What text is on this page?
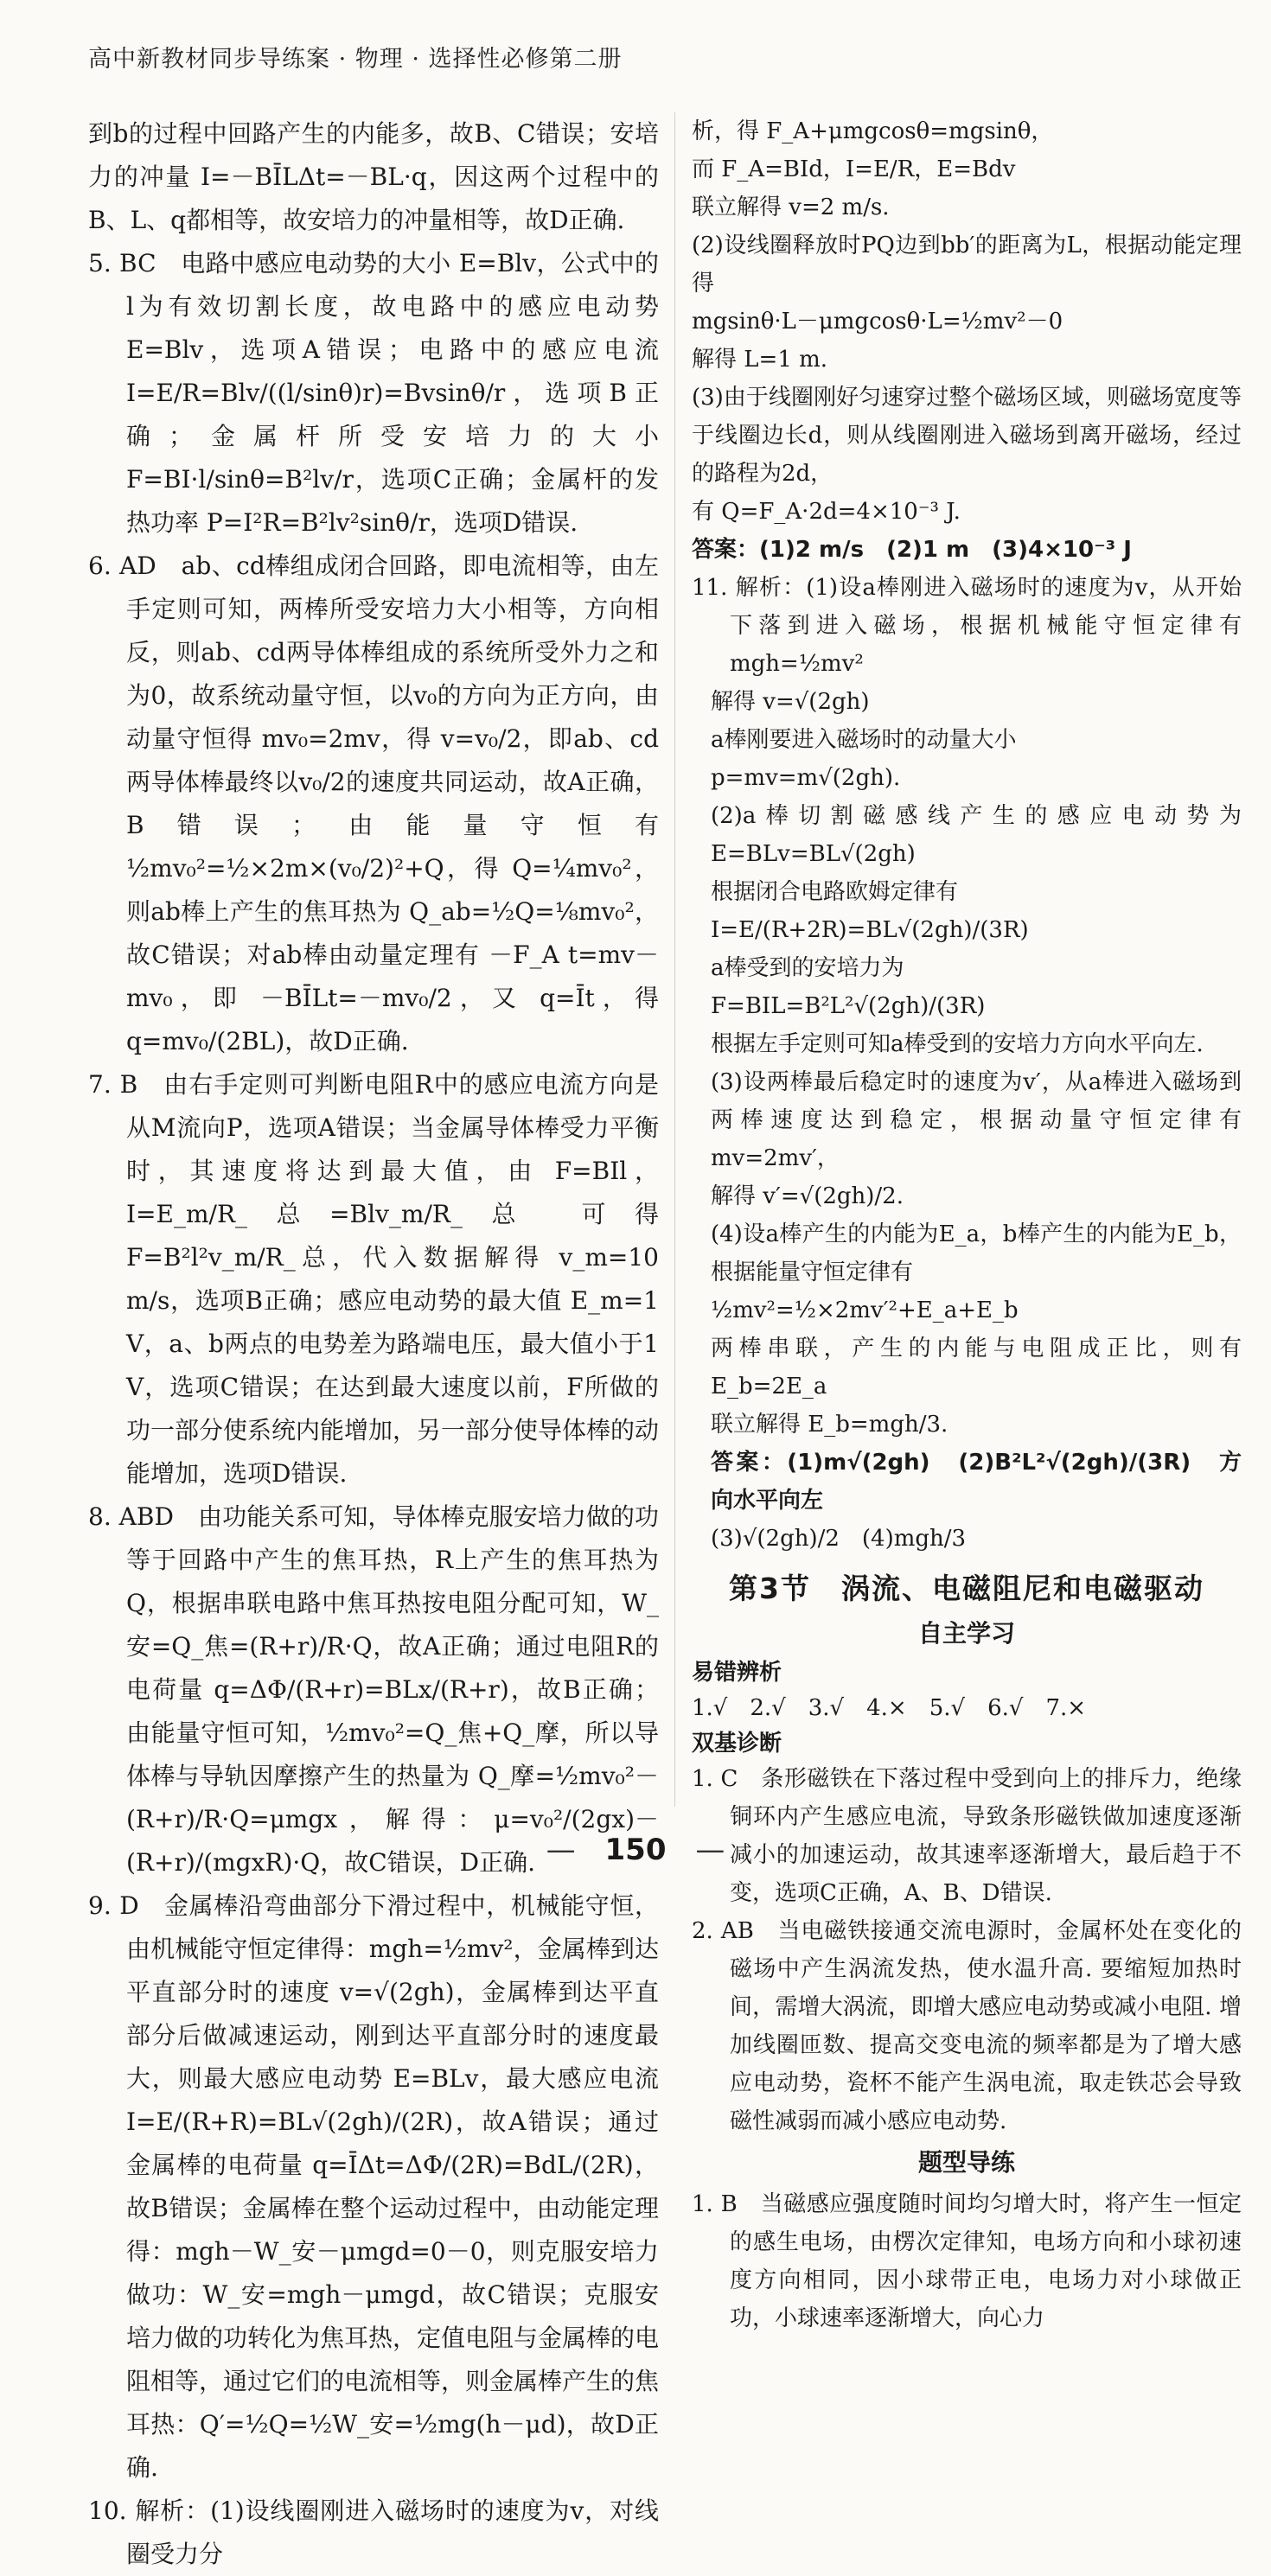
高中新教材同步导练案 · 物理 · 选择性必修第二册

到b的过程中回路产生的内能多，故B、C错误；安培力的冲量 I=－BĪLΔt=－BL·q，因这两个过程中的B、L、q都相等，故安培力的冲量相等，故D正确.

5. BC　电路中感应电动势的大小 E=Blv，公式中的l为有效切割长度，故电路中的感应电动势 E=Blv，选项A错误；电路中的感应电流 I=E/R=Blv/((l/sinθ)r)=Bvsinθ/r，选项B正确；金属杆所受安培力的大小 F=BI·l/sinθ=B²lv/r，选项C正确；金属杆的发热功率 P=I²R=B²lv²sinθ/r，选项D错误.

6. AD　ab、cd棒组成闭合回路，即电流相等，由左手定则可知，两棒所受安培力大小相等，方向相反，则ab、cd两导体棒组成的系统所受外力之和为0，故系统动量守恒，以v₀的方向为正方向，由动量守恒得 mv₀=2mv，得 v=v₀/2，即ab、cd两导体棒最终以v₀/2的速度共同运动，故A正确，B错误；由能量守恒有 ½mv₀²=½×2m×(v₀/2)²+Q，得 Q=¼mv₀²，则ab棒上产生的焦耳热为 Q_ab=½Q=⅛mv₀²，故C错误；对ab棒由动量定理有 －F_A t=mv－mv₀，即 －BĪLt=－mv₀/2，又 q=Īt，得 q=mv₀/(2BL)，故D正确.

7. B　由右手定则可判断电阻R中的感应电流方向是从M流向P，选项A错误；当金属导体棒受力平衡时，其速度将达到最大值，由 F=BIl，I=E_m/R_总=Blv_m/R_总 可得 F=B²l²v_m/R_总，代入数据解得 v_m=10 m/s，选项B正确；感应电动势的最大值 E_m=1 V，a、b两点的电势差为路端电压，最大值小于1 V，选项C错误；在达到最大速度以前，F所做的功一部分使系统内能增加，另一部分使导体棒的动能增加，选项D错误.

8. ABD　由功能关系可知，导体棒克服安培力做的功等于回路中产生的焦耳热，R上产生的焦耳热为Q，根据串联电路中焦耳热按电阻分配可知，W_安=Q_焦=(R+r)/R·Q，故A正确；通过电阻R的电荷量 q=ΔΦ/(R+r)=BLx/(R+r)，故B正确；由能量守恒可知，½mv₀²=Q_焦+Q_摩，所以导体棒与导轨因摩擦产生的热量为 Q_摩=½mv₀²－(R+r)/R·Q=μmgx，解得：μ=v₀²/(2gx)－(R+r)/(mgxR)·Q，故C错误，D正确.

9. D　金属棒沿弯曲部分下滑过程中，机械能守恒，由机械能守恒定律得：mgh=½mv²，金属棒到达平直部分时的速度 v=√(2gh)，金属棒到达平直部分后做减速运动，刚到达平直部分时的速度最大，则最大感应电动势 E=BLv，最大感应电流 I=E/(R+R)=BL√(2gh)/(2R)，故A错误；通过金属棒的电荷量 q=ĪΔt=ΔΦ/(2R)=BdL/(2R)，故B错误；金属棒在整个运动过程中，由动能定理得：mgh－W_安－μmgd=0－0，则克服安培力做功：W_安=mgh－μmgd，故C错误；克服安培力做的功转化为焦耳热，定值电阻与金属棒的电阻相等，通过它们的电流相等，则金属棒产生的焦耳热：Q′=½Q=½W_安=½mg(h－μd)，故D正确.

10. 解析：(1)设线圈刚进入磁场时的速度为v，对线圈受力分

析，得 F_A+μmgcosθ=mgsinθ，

而 F_A=BId，I=E/R，E=Bdv

联立解得 v=2 m/s.

(2)设线圈释放时PQ边到bb′的距离为L，根据动能定理得

mgsinθ·L－μmgcosθ·L=½mv²－0

解得 L=1 m.

(3)由于线圈刚好匀速穿过整个磁场区域，则磁场宽度等于线圈边长d，则从线圈刚进入磁场到离开磁场，经过的路程为2d，

有 Q=F_A·2d=4×10⁻³ J.

答案：(1)2 m/s　(2)1 m　(3)4×10⁻³ J

11. 解析：(1)设a棒刚进入磁场时的速度为v，从开始下落到进入磁场，根据机械能守恒定律有 mgh=½mv²

解得 v=√(2gh)

a棒刚要进入磁场时的动量大小

p=mv=m√(2gh).

(2)a棒切割磁感线产生的感应电动势为 E=BLv=BL√(2gh)

根据闭合电路欧姆定律有

I=E/(R+2R)=BL√(2gh)/(3R)

a棒受到的安培力为

F=BIL=B²L²√(2gh)/(3R)

根据左手定则可知a棒受到的安培力方向水平向左.

(3)设两棒最后稳定时的速度为v′，从a棒进入磁场到两棒速度达到稳定，根据动量守恒定律有 mv=2mv′，

解得 v′=√(2gh)/2.

(4)设a棒产生的内能为E_a，b棒产生的内能为E_b，根据能量守恒定律有

½mv²=½×2mv′²+E_a+E_b

两棒串联，产生的内能与电阻成正比，则有 E_b=2E_a

联立解得 E_b=mgh/3.

答案：(1)m√(2gh)　(2)B²L²√(2gh)/(3R)　方向水平向左

(3)√(2gh)/2　(4)mgh/3

第3节　涡流、电磁阻尼和电磁驱动
自主学习
易错辨析

1.√　2.√　3.√　4.×　5.√　6.√　7.×

双基诊断

1. C　条形磁铁在下落过程中受到向上的排斥力，绝缘铜环内产生感应电流，导致条形磁铁做加速度逐渐减小的加速运动，故其速率逐渐增大，最后趋于不变，选项C正确，A、B、D错误.

2. AB　当电磁铁接通交流电源时，金属杯处在变化的磁场中产生涡流发热，使水温升高. 要缩短加热时间，需增大涡流，即增大感应电动势或减小电阻. 增加线圈匝数、提高交变电流的频率都是为了增大感应电动势，瓷杯不能产生涡电流，取走铁芯会导致磁性减弱而减小感应电动势.

题型导练

1. B　当磁感应强度随时间均匀增大时，将产生一恒定的感生电场，由楞次定律知，电场方向和小球初速度方向相同，因小球带正电，电场力对小球做正功，小球速率逐渐增大，向心力

— 150 —
